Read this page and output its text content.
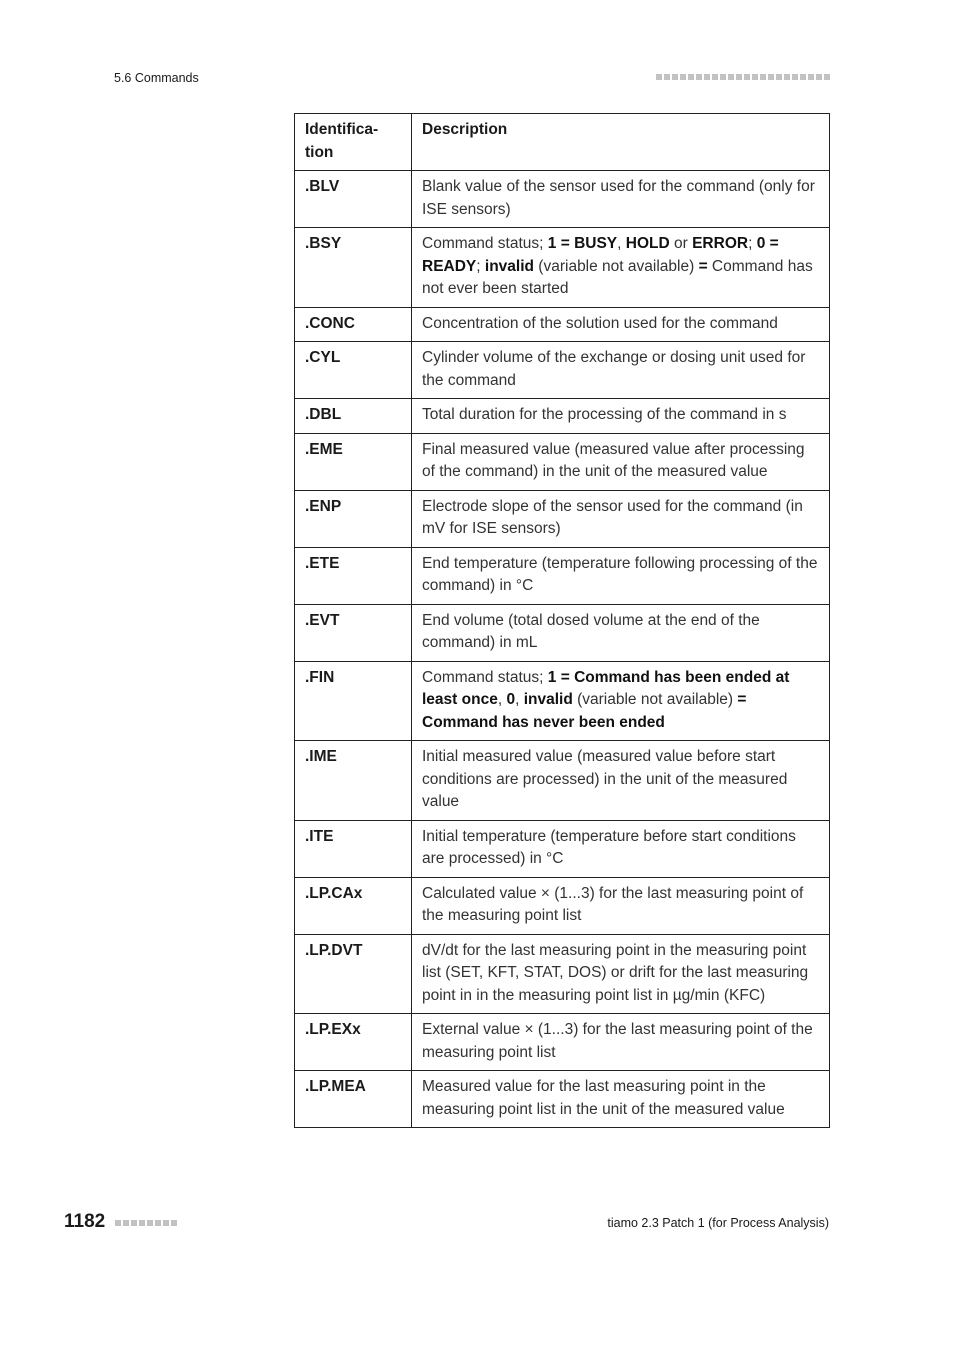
5.6 Commands
Identifica-tion	Description
.BLV	Blank value of the sensor used for the command (only for ISE sensors)
.BSY	Command status; 1 = BUSY, HOLD or ERROR; 0 = READY; invalid (variable not available) = Command has not ever been started
.CONC	Concentration of the solution used for the command
.CYL	Cylinder volume of the exchange or dosing unit used for the command
.DBL	Total duration for the processing of the command in s
.EME	Final measured value (measured value after processing of the command) in the unit of the measured value
.ENP	Electrode slope of the sensor used for the command (in mV for ISE sensors)
.ETE	End temperature (temperature following processing of the command) in °C
.EVT	End volume (total dosed volume at the end of the command) in mL
.FIN	Command status; 1 = Command has been ended at least once, 0, invalid (variable not available) = Command has never been ended
.IME	Initial measured value (measured value before start conditions are processed) in the unit of the measured value
.ITE	Initial temperature (temperature before start conditions are processed) in °C
.LP.CAx	Calculated value × (1...3) for the last measuring point of the measuring point list
.LP.DVT	dV/dt for the last measuring point in the measuring point list (SET, KFT, STAT, DOS) or drift for the last measuring point in in the measuring point list in µg/min (KFC)
.LP.EXx	External value × (1...3) for the last measuring point of the measuring point list
.LP.MEA	Measured value for the last measuring point in the measuring point list in the unit of the measured value
1182	tiamo 2.3 Patch 1 (for Process Analysis)
